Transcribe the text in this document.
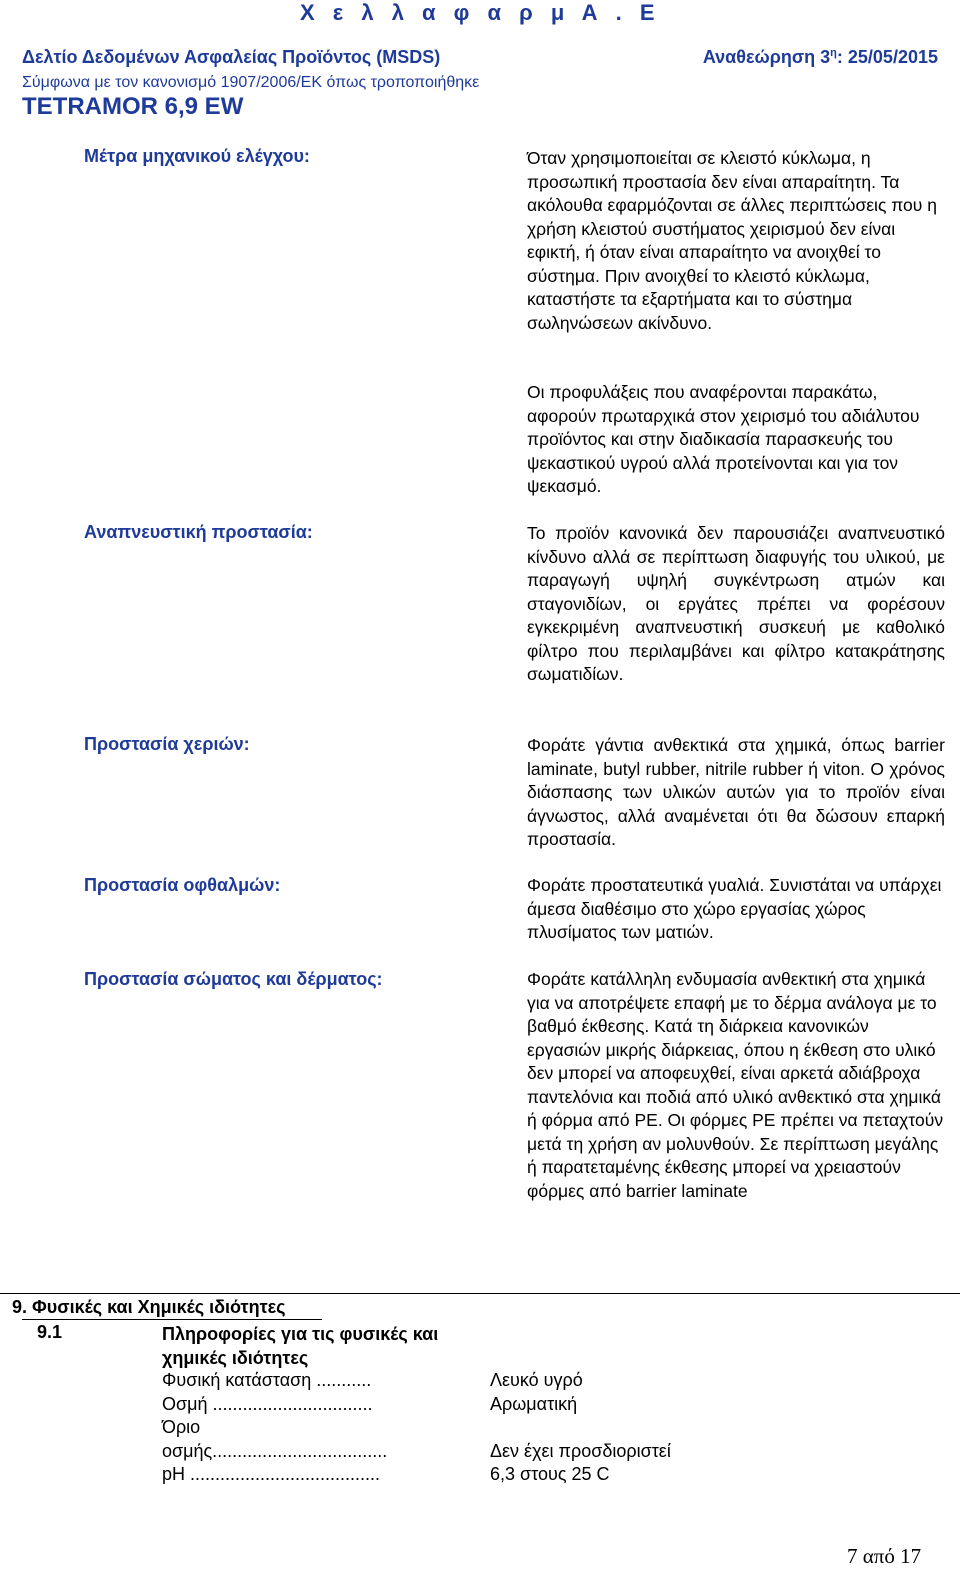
Χ ε λ λ α φ α ρ μ Α . Ε
Δελτίο Δεδομένων Ασφαλείας Προϊόντος (MSDS)	Αναθεώρηση $3^\eta$: 25/05/2015
Σύμφωνα με τον κανονισμό 1907/2006/ΕΚ όπως τροποποιήθηκε
TETRAMOR 6,9 EW
Μέτρα μηχανικού ελέγχου:	Όταν χρησιμοποιείται σε κλειστό κύκλωμα, η προσωπική προστασία δεν είναι απαραίτητη. Τα ακόλουθα εφαρμόζονται σε άλλες περιπτώσεις που η χρήση κλειστού συστήματος χειρισμού δεν είναι εφικτή, ή όταν είναι απαραίτητο να ανοιχθεί το σύστημα. Πριν ανοιχθεί το κλειστό κύκλωμα, καταστήστε τα εξαρτήματα και το σύστημα σωληνώσεων ακίνδυνο.

Οι προφυλάξεις που αναφέρονται παρακάτω, αφορούν πρωταρχικά στον χειρισμό του αδιάλυτου προϊόντος και στην διαδικασία παρασκευής του ψεκαστικού υγρού αλλά προτείνονται και για τον ψεκασμό.

Αναπνευστική προστασία:	Το προϊόν κανονικά δεν παρουσιάζει αναπνευστικό κίνδυνο αλλά σε περίπτωση διαφυγής του υλικού, με παραγωγή υψηλή συγκέντρωση ατμών και σταγονιδίων, οι εργάτες πρέπει να φορέσουν εγκεκριμένη αναπνευστική συσκευή με καθολικό φίλτρο που περιλαμβάνει και φίλτρο κατακράτησης σωματιδίων.

Προστασία χεριών:	Φοράτε γάντια ανθεκτικά στα χημικά, όπως barrier laminate, butyl rubber, nitrile rubber ή viton. Ο χρόνος διάσπασης των υλικών αυτών για το προϊόν είναι άγνωστος, αλλά αναμένεται ότι θα δώσουν επαρκή προστασία.

Προστασία οφθαλμών:	Φοράτε προστατευτικά γυαλιά. Συνιστάται να υπάρχει άμεσα διαθέσιμο στο χώρο εργασίας χώρος πλυσίματος των ματιών.

Προστασία σώματος και δέρματος:	Φοράτε κατάλληλη ενδυμασία ανθεκτική στα χημικά για να αποτρέψετε επαφή με το δέρμα ανάλογα με το βαθμό έκθεσης. Κατά τη διάρκεια κανονικών εργασιών μικρής διάρκειας, όπου η έκθεση στο υλικό δεν μπορεί να αποφευχθεί, είναι αρκετά αδιάβροχα παντελόνια και ποδιά από υλικό ανθεκτικό στα χημικά ή φόρμα από PE. Οι φόρμες PE πρέπει να πεταχτούν μετά τη χρήση αν μολυνθούν. Σε περίπτωση μεγάλης ή παρατεταμένης έκθεσης μπορεί να χρειαστούν φόρμες από barrier laminate

9. Φυσικές και Χημικές ιδιότητες
9.1	Πληροφορίες για τις φυσικές και χημικές ιδιότητες
Φυσική κατάσταση ...........	Λευκό υγρό
Οσμή ................................	Αρωματική
Όριο
οσμής...................................	Δεν έχει προσδιοριστεί
pH ......................................	6,3 στους 25 C
7 από 17
